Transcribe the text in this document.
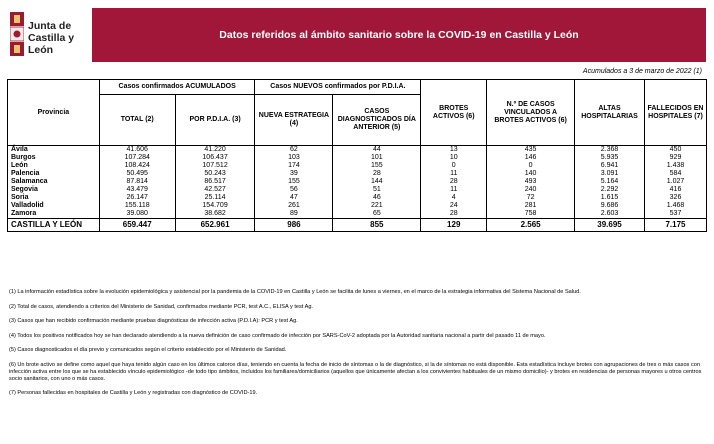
Junta de
Castilla y León
Datos referidos al ámbito sanitario sobre la COVID-19 en Castilla y León
Acumulados a 3 de marzo de 2022 (1)
Provincia	Casos confirmados ACUMULADOS		Casos NUEVOS confirmados por P.D.I.A.		BROTES ACTIVOS (6)	N.º DE CASOS VINCULADOS A BROTES ACTIVOS (6)	ALTAS HOSPITALARIAS	FALLECIDOS EN HOSPITALES (7)
	TOTAL (2)	POR P.D.I.A. (3)	NUEVA ESTRATEGIA (4)	CASOS DIAGNOSTICADOS DÍA ANTERIOR (5)				
Ávila	41.606	41.220	62	44	13	435	2.368	450
Burgos	107.284	106.437	103	101	10	146	5.935	929
León	108.424	107.512	174	155	0	0	6.941	1.438
Palencia	50.495	50.243	39	28	11	140	3.091	584
Salamanca	87.814	86.517	155	144	28	493	5.164	1.027
Segovia	43.479	42.527	56	51	11	240	2.292	416
Soria	26.147	25.114	47	46	4	72	1.615	326
Valladolid	155.118	154.709	261	221	24	281	9.686	1.468
Zamora	39.080	38.682	89	65	28	758	2.603	537
CASTILLA Y LEÓN	659.447	652.961	986	855	129	2.565	39.695	7.175

(1) La información estadística sobre la evolución epidemiológica y asistencial por la pandemia de la COVID-19 en Castilla y León se facilita de lunes a viernes, en el marco de la estrategia informativa del Sistema Nacional de Salud.

(2) Total de casos, atendiendo a criterios del Ministerio de Sanidad, confirmados mediante PCR, test A.C., ELISA y test Ag.

(3) Casos que han recibido confirmación mediante pruebas diagnósticas de infección activa (P.D.I.A): PCR y test Ag.

(4) Todos los positivos notificados hoy se han declarado atendiendo a la nueva definición de caso confirmado de infección por SARS-CoV-2 adoptada por la Autoridad sanitaria nacional a partir del pasado 11 de mayo.

(5) Casos diagnosticados el día previo y comunicados según el criterio establecido por el Ministerio de Sanidad.

(6) Un brote activo se define como aquel que haya tenido algún caso en los últimos catorce días, teniendo en cuenta la fecha de inicio de síntomas o la de diagnóstico, si la de síntomas no está disponible. Esta estadística incluye brotes con agrupaciones de tres o más casos con infección activa entre los que se ha establecido vínculo epidemiológico -de todo tipo ámbitos, incluidos los familiares/domiciliarios (aquellos que únicamente afectan a los convivientes habituales de un mismo domicilio)- y brotes en residencias de personas mayores u otros centros socio sanitarios, con uno o más casos.

(7) Personas fallecidas en hospitales de Castilla y León y registradas con diagnóstico de COVID-19.
